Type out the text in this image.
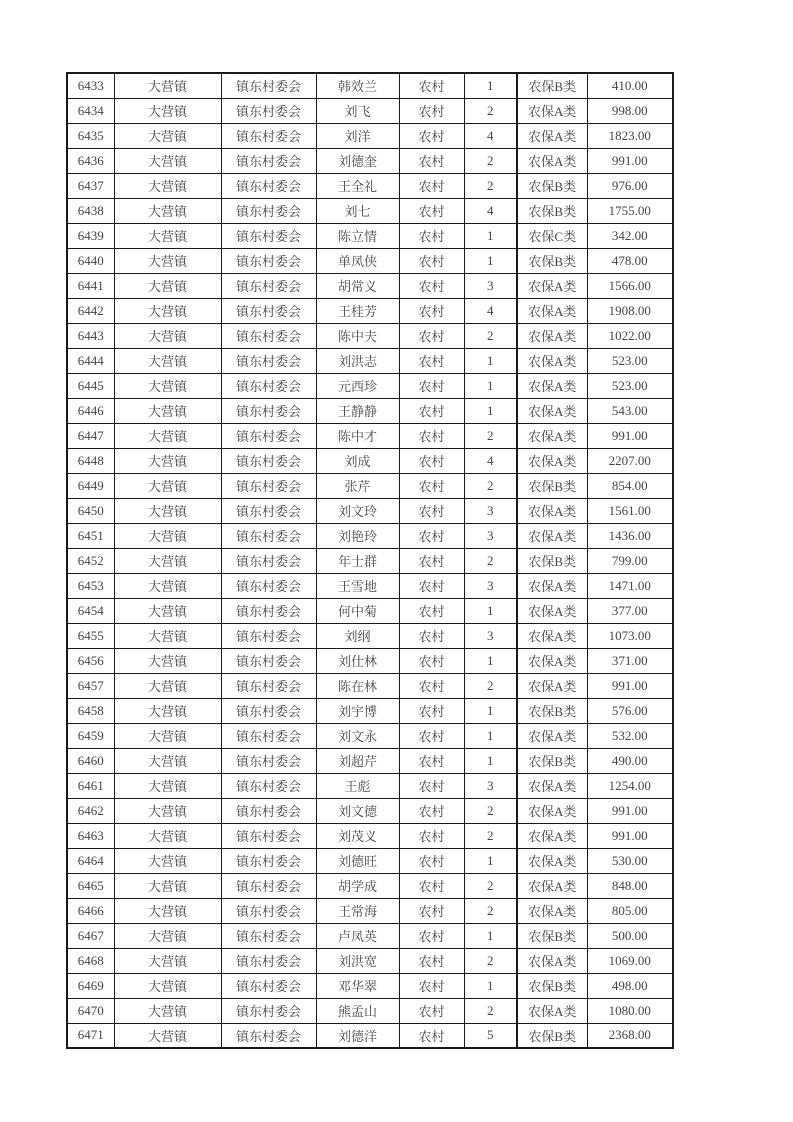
6433	大营镇	镇东村委会	韩效兰	农村	1	农保B类	410.00
6434	大营镇	镇东村委会	刘飞	农村	2	农保A类	998.00
6435	大营镇	镇东村委会	刘洋	农村	4	农保A类	1823.00
6436	大营镇	镇东村委会	刘德奎	农村	2	农保A类	991.00
6437	大营镇	镇东村委会	王全礼	农村	2	农保B类	976.00
6438	大营镇	镇东村委会	刘七	农村	4	农保B类	1755.00
6439	大营镇	镇东村委会	陈立情	农村	1	农保C类	342.00
6440	大营镇	镇东村委会	单凤侠	农村	1	农保B类	478.00
6441	大营镇	镇东村委会	胡常义	农村	3	农保A类	1566.00
6442	大营镇	镇东村委会	王桂芳	农村	4	农保A类	1908.00
6443	大营镇	镇东村委会	陈中夫	农村	2	农保A类	1022.00
6444	大营镇	镇东村委会	刘洪志	农村	1	农保A类	523.00
6445	大营镇	镇东村委会	元西珍	农村	1	农保A类	523.00
6446	大营镇	镇东村委会	王静静	农村	1	农保A类	543.00
6447	大营镇	镇东村委会	陈中才	农村	2	农保A类	991.00
6448	大营镇	镇东村委会	刘成	农村	4	农保A类	2207.00
6449	大营镇	镇东村委会	张芹	农村	2	农保B类	854.00
6450	大营镇	镇东村委会	刘文玲	农村	3	农保A类	1561.00
6451	大营镇	镇东村委会	刘艳玲	农村	3	农保A类	1436.00
6452	大营镇	镇东村委会	年士群	农村	2	农保B类	799.00
6453	大营镇	镇东村委会	王雪地	农村	3	农保A类	1471.00
6454	大营镇	镇东村委会	何中菊	农村	1	农保A类	377.00
6455	大营镇	镇东村委会	刘纲	农村	3	农保A类	1073.00
6456	大营镇	镇东村委会	刘仕林	农村	1	农保A类	371.00
6457	大营镇	镇东村委会	陈在林	农村	2	农保A类	991.00
6458	大营镇	镇东村委会	刘宇博	农村	1	农保B类	576.00
6459	大营镇	镇东村委会	刘文永	农村	1	农保A类	532.00
6460	大营镇	镇东村委会	刘超芹	农村	1	农保B类	490.00
6461	大营镇	镇东村委会	王彪	农村	3	农保A类	1254.00
6462	大营镇	镇东村委会	刘文德	农村	2	农保A类	991.00
6463	大营镇	镇东村委会	刘茂义	农村	2	农保A类	991.00
6464	大营镇	镇东村委会	刘德旺	农村	1	农保A类	530.00
6465	大营镇	镇东村委会	胡学成	农村	2	农保A类	848.00
6466	大营镇	镇东村委会	王常海	农村	2	农保A类	805.00
6467	大营镇	镇东村委会	卢凤英	农村	1	农保B类	500.00
6468	大营镇	镇东村委会	刘洪宽	农村	2	农保A类	1069.00
6469	大营镇	镇东村委会	邓华翠	农村	1	农保B类	498.00
6470	大营镇	镇东村委会	熊孟山	农村	2	农保A类	1080.00
6471	大营镇	镇东村委会	刘德洋	农村	5	农保B类	2368.00
